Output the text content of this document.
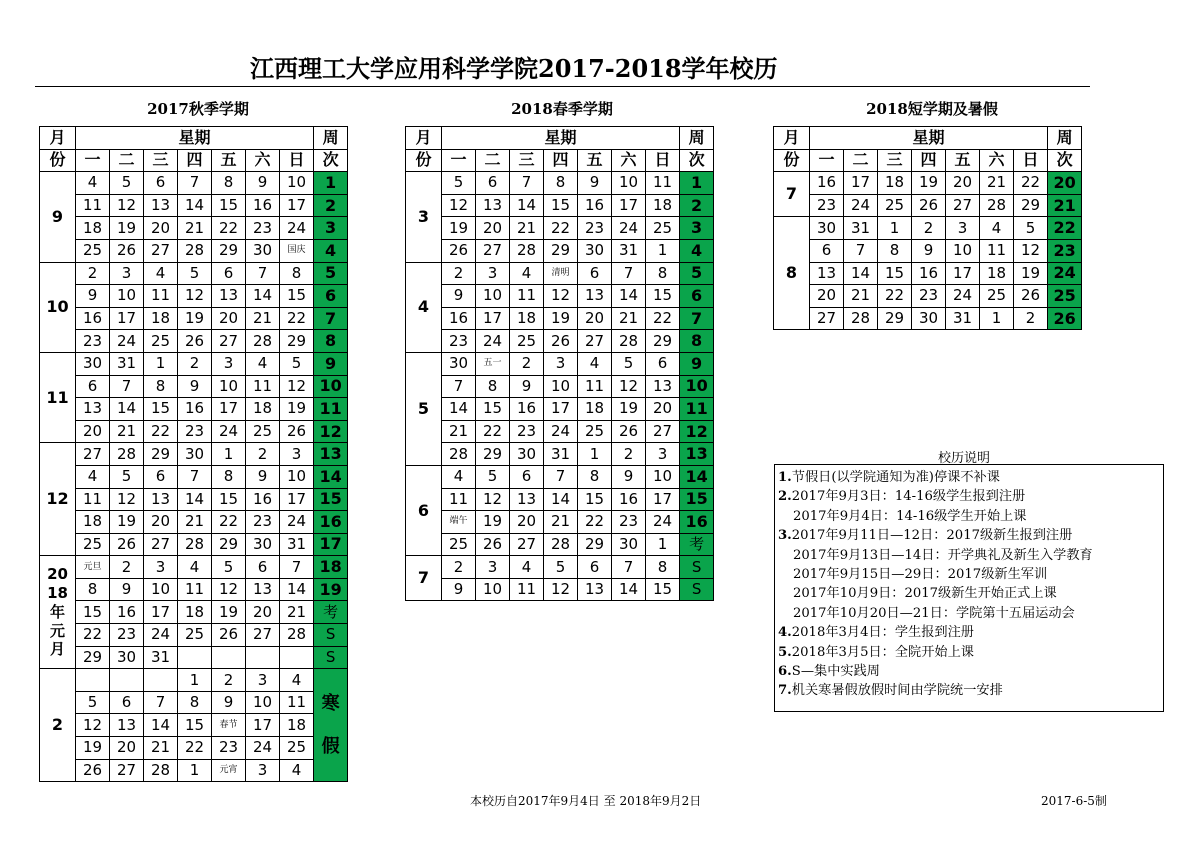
江西理工大学应用科学学院2017-2018学年校历
2017秋季学期	2018春季学期	2018短学期及暑假
月	星期							周
份	一	二	三	四	五	六	日	次
9	4	5	6	7	8	9	10	1
	11	12	13	14	15	16	17	2
	18	19	20	21	22	23	24	3
	25	26	27	28	29	30	国庆	4
10	2	3	4	5	6	7	8	5
	9	10	11	12	13	14	15	6
	16	17	18	19	20	21	22	7
	23	24	25	26	27	28	29	8
11	30	31	1	2	3	4	5	9
	6	7	8	9	10	11	12	10
	13	14	15	16	17	18	19	11
	20	21	22	23	24	25	26	12
12	27	28	29	30	1	2	3	13
	4	5	6	7	8	9	10	14
	11	12	13	14	15	16	17	15
	18	19	20	21	22	23	24	16
	25	26	27	28	29	30	31	17
2018年元月	元旦	2	3	4	5	6	7	18
	8	9	10	11	12	13	14	19
	15	16	17	18	19	20	21	考
	22	23	24	25	26	27	28	S
	29	30	31					S
2				1	2	3	4	寒假
	5	6	7	8	9	10	11	
	12	13	14	15	春节	17	18	
	19	20	21	22	23	24	25	
	26	27	28	1	元宵	3	4	
月	星期							周
份	一	二	三	四	五	六	日	次
3	5	6	7	8	9	10	11	1
	12	13	14	15	16	17	18	2
	19	20	21	22	23	24	25	3
	26	27	28	29	30	31	1	4
4	2	3	4	清明	6	7	8	5
	9	10	11	12	13	14	15	6
	16	17	18	19	20	21	22	7
	23	24	25	26	27	28	29	8
5	30	五一	2	3	4	5	6	9
	7	8	9	10	11	12	13	10
	14	15	16	17	18	19	20	11
	21	22	23	24	25	26	27	12
	28	29	30	31	1	2	3	13
6	4	5	6	7	8	9	10	14
	11	12	13	14	15	16	17	15
	端午	19	20	21	22	23	24	16
	25	26	27	28	29	30	1	考
7	2	3	4	5	6	7	8	S
	9	10	11	12	13	14	15	S
月	星期							周
份	一	二	三	四	五	六	日	次
7	16	17	18	19	20	21	22	20
	23	24	25	26	27	28	29	21
8	30	31	1	2	3	4	5	22
	6	7	8	9	10	11	12	23
	13	14	15	16	17	18	19	24
	20	21	22	23	24	25	26	25
	27	28	29	30	31	1	2	26
校历说明
1.节假日(以学院通知为准)停课不补课
2.2017年9月3日：14-16级学生报到注册
2017年9月4日：14-16级学生开始上课
3.2017年9月11日—12日：2017级新生报到注册
2017年9月13日—14日：开学典礼及新生入学教育
2017年9月15日—29日：2017级新生军训
2017年10月9日：2017级新生开始正式上课
2017年10月20日—21日：学院第十五届运动会
4.2018年3月4日：学生报到注册
5.2018年3月5日：全院开始上课
6.S—集中实践周
7.机关寒暑假放假时间由学院统一安排
本校历自2017年9月4日 至 2018年9月2日	2017-6-5制
